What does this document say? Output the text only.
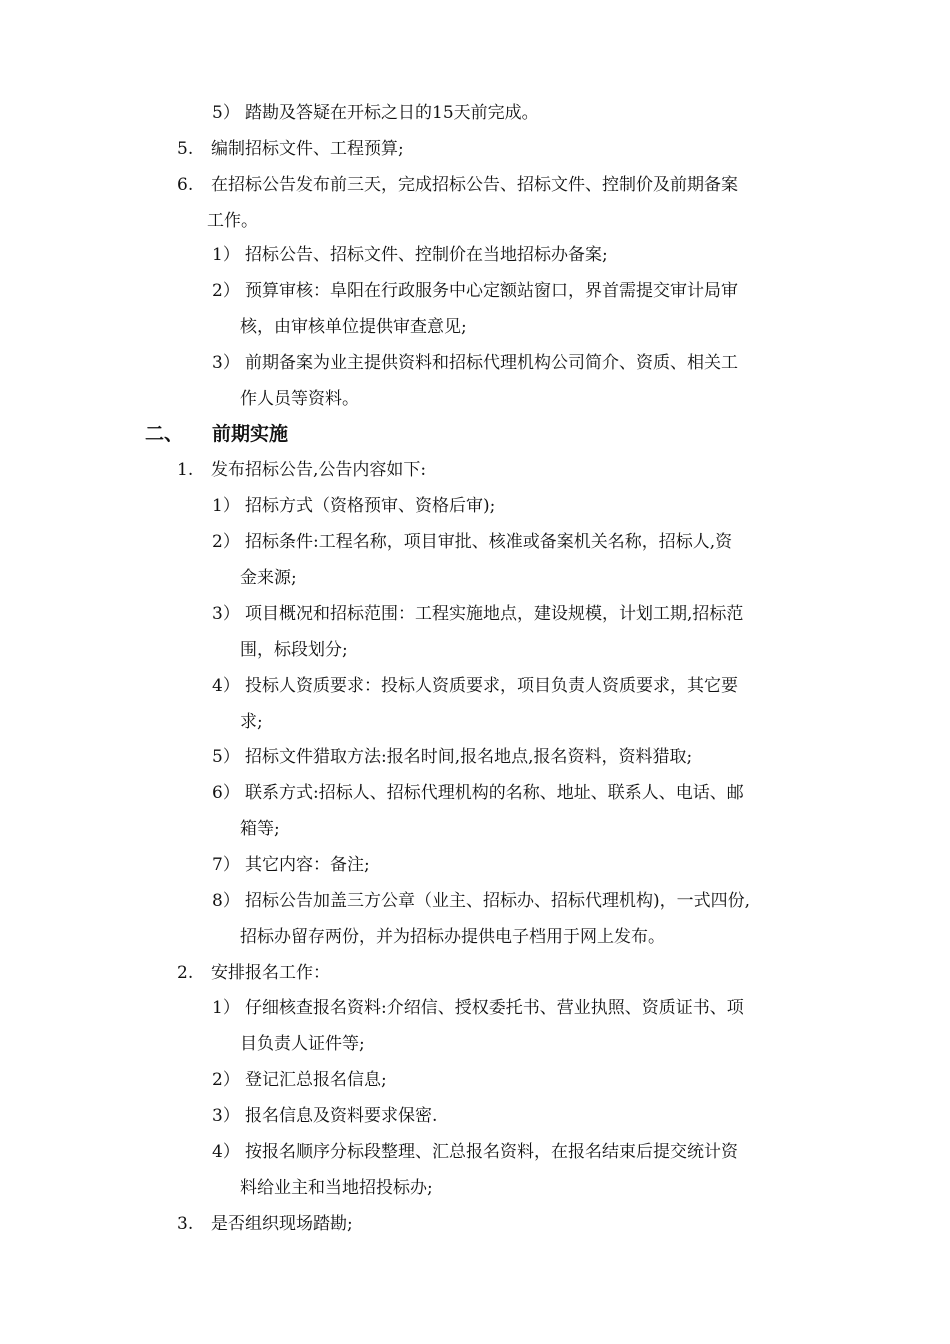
5） 踏勘及答疑在开标之日的15天前完成。
5. 编制招标文件、工程预算;
6. 在招标公告发布前三天，完成招标公告、招标文件、控制价及前期备案
工作。
1） 招标公告、招标文件、控制价在当地招标办备案;
2） 预算审核：阜阳在行政服务中心定额站窗口，界首需提交审计局审
核，由审核单位提供审查意见;
3） 前期备案为业主提供资料和招标代理机构公司简介、资质、相关工
作人员等资料。
二、 前期实施
1. 发布招标公告,公告内容如下:
1） 招标方式（资格预审、资格后审);
2） 招标条件:工程名称，项目审批、核准或备案机关名称，招标人,资
金来源;
3） 项目概况和招标范围：工程实施地点，建设规模，计划工期,招标范
围，标段划分;
4） 投标人资质要求：投标人资质要求，项目负责人资质要求，其它要
求;
5） 招标文件猎取方法:报名时间,报名地点,报名资料，资料猎取;
6） 联系方式:招标人、招标代理机构的名称、地址、联系人、电话、邮
箱等;
7） 其它内容：备注;
8） 招标公告加盖三方公章（业主、招标办、招标代理机构)，一式四份,
招标办留存两份，并为招标办提供电子档用于网上发布。
2. 安排报名工作：
1） 仔细核查报名资料:介绍信、授权委托书、营业执照、资质证书、项
目负责人证件等;
2） 登记汇总报名信息;
3） 报名信息及资料要求保密.
4） 按报名顺序分标段整理、汇总报名资料，在报名结束后提交统计资
料给业主和当地招投标办;
3. 是否组织现场踏勘;
